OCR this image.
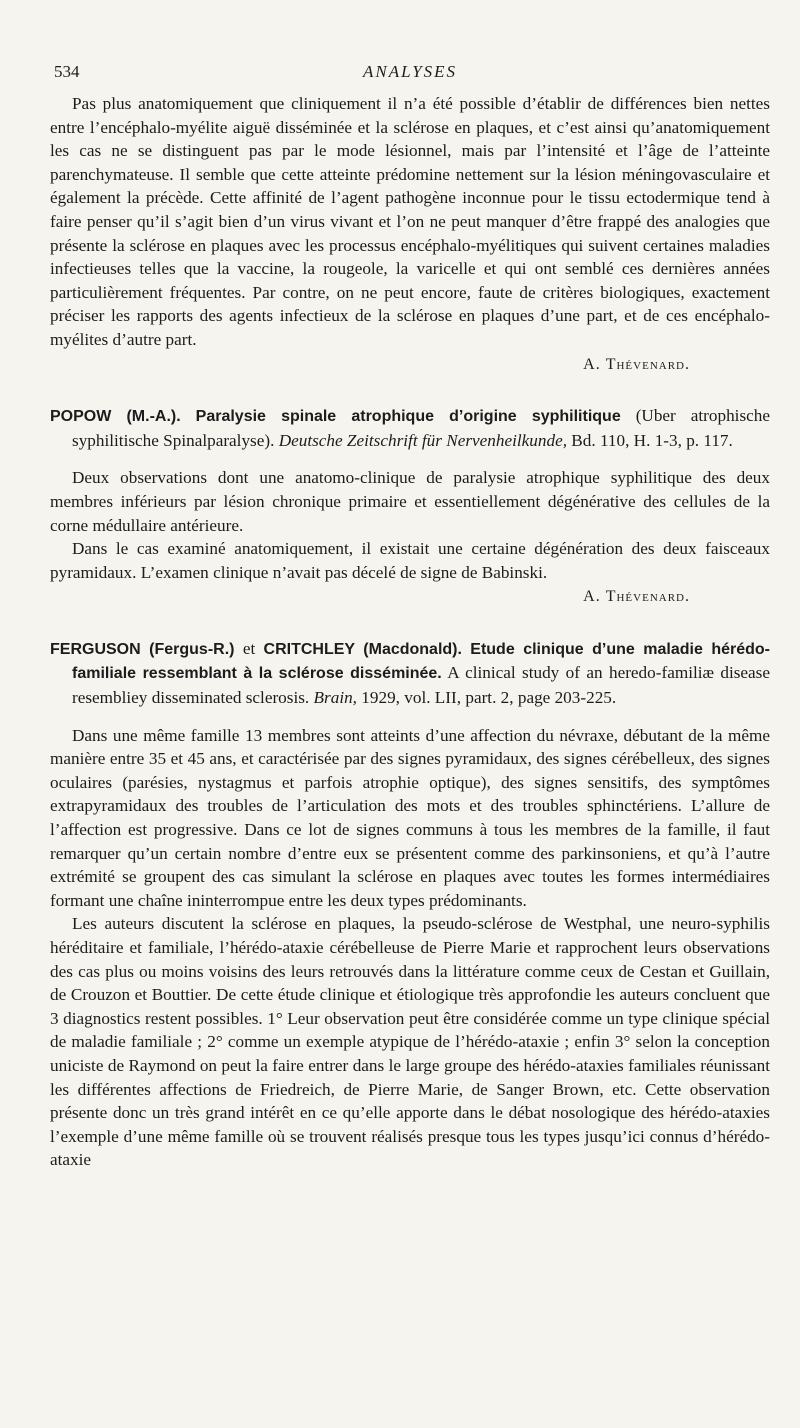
534	ANALYSES

Pas plus anatomiquement que cliniquement il n’a été possible d’établir de différences bien nettes entre l’encéphalo-myélite aiguë disséminée et la sclérose en plaques, et c’est ainsi qu’anatomiquement les cas ne se distinguent pas par le mode lésionnel, mais par l’intensité et l’âge de l’atteinte parenchymateuse. Il semble que cette atteinte prédomine nettement sur la lésion méningovasculaire et également la précède. Cette affinité de l’agent pathogène inconnue pour le tissu ectodermique tend à faire penser qu’il s’agit bien d’un virus vivant et l’on ne peut manquer d’être frappé des analogies que présente la sclérose en plaques avec les processus encéphalo-myélitiques qui suivent certaines maladies infectieuses telles que la vaccine, la rougeole, la varicelle et qui ont semblé ces dernières années particulièrement fréquentes. Par contre, on ne peut encore, faute de critères biologiques, exactement préciser les rapports des agents infectieux de la sclérose en plaques d’une part, et de ces encéphalo-myélites d’autre part.

A. Thévenard.
POPOW (M.-A.). Paralysie spinale atrophique d’origine syphilitique (Uber atrophische syphilitische Spinalparalyse). Deutsche Zeitschrift für Nervenheilkunde, Bd. 110, H. 1-3, p. 117.

Deux observations dont une anatomo-clinique de paralysie atrophique syphilitique des deux membres inférieurs par lésion chronique primaire et essentiellement dégénérative des cellules de la corne médullaire antérieure.

Dans le cas examiné anatomiquement, il existait une certaine dégénération des deux faisceaux pyramidaux. L’examen clinique n’avait pas décelé de signe de Babinski.

A. Thévenard.
FERGUSON (Fergus-R.) et CRITCHLEY (Macdonald). Etude clinique d’une maladie hérédo-familiale ressemblant à la sclérose disséminée. A clinical study of an heredo-familiæ disease resembliey disseminated sclerosis. Brain, 1929, vol. LII, part. 2, page 203-225.

Dans une même famille 13 membres sont atteints d’une affection du névraxe, débutant de la même manière entre 35 et 45 ans, et caractérisée par des signes pyramidaux, des signes cérébelleux, des signes oculaires (parésies, nystagmus et parfois atrophie optique), des signes sensitifs, des symptômes extrapyramidaux des troubles de l’articulation des mots et des troubles sphinctériens. L’allure de l’affection est progressive. Dans ce lot de signes communs à tous les membres de la famille, il faut remarquer qu’un certain nombre d’entre eux se présentent comme des parkinsoniens, et qu’à l’autre extrémité se groupent des cas simulant la sclérose en plaques avec toutes les formes intermédiaires formant une chaîne ininterrompue entre les deux types prédominants.

Les auteurs discutent la sclérose en plaques, la pseudo-sclérose de Westphal, une neuro-syphilis héréditaire et familiale, l’hérédo-ataxie cérébelleuse de Pierre Marie et rapprochent leurs observations des cas plus ou moins voisins des leurs retrouvés dans la littérature comme ceux de Cestan et Guillain, de Crouzon et Bouttier. De cette étude clinique et étiologique très approfondie les auteurs concluent que 3 diagnostics restent possibles. 1° Leur observation peut être considérée comme un type clinique spécial de maladie familiale ; 2° comme un exemple atypique de l’hérédo-ataxie ; enfin 3° selon la conception uniciste de Raymond on peut la faire entrer dans le large groupe des hérédo-ataxies familiales réunissant les différentes affections de Friedreich, de Pierre Marie, de Sanger Brown, etc. Cette observation présente donc un très grand intérêt en ce qu’elle apporte dans le débat nosologique des hérédo-ataxies l’exemple d’une même famille où se trouvent réalisés presque tous les types jusqu’ici connus d’hérédo-ataxie
